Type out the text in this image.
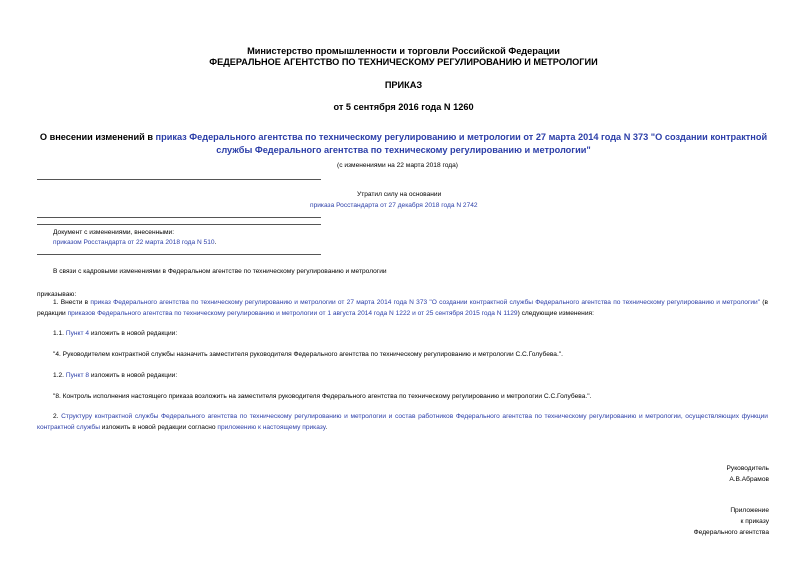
Министерство промышленности и торговли Российской Федерации
ФЕДЕРАЛЬНОЕ АГЕНТСТВО ПО ТЕХНИЧЕСКОМУ РЕГУЛИРОВАНИЮ И МЕТРОЛОГИИ
ПРИКАЗ
от 5 сентября 2016 года N 1260
О внесении изменений в приказ Федерального агентства по техническому регулированию и метрологии от 27 марта 2014 года N 373 "О создании контрактной
службы Федерального агентства по техническому регулированию и метрологии"
(с изменениями на 22 марта 2018 года)
Утратил силу на основании
приказа Росстандарта от 27 декабря 2018 года N 2742
Документ с изменениями, внесенными:
приказом Росстандарта от 22 марта 2018 года N 510.
В связи с кадровыми изменениями в Федеральном агентстве по техническому регулированию и метрологии
приказываю:
1. Внести в приказ Федерального агентства по техническому регулированию и метрологии от 27 марта 2014 года N 373 "О создании контрактной службы Федерального агентства по техническому регулированию и метрологии" (в редакции приказов Федерального агентства по техническому регулированию и метрологии от 1 августа 2014 года N 1222 и от 25 сентября 2015 года N 1129) следующие изменения:
1.1. Пункт 4 изложить в новой редакции:
"4. Руководителем контрактной службы назначить заместителя руководителя Федерального агентства по техническому регулированию и метрологии С.С.Голубева.".
1.2. Пункт 8 изложить в новой редакции:
"8. Контроль исполнения настоящего приказа возложить на заместителя руководителя Федерального агентства по техническому регулированию и метрологии С.С.Голубева.".
2. Структуру контрактной службы Федерального агентства по техническому регулированию и метрологии и состав работников Федерального агентства по техническому регулированию и метрологии, осуществляющих функции контрактной службы изложить в новой редакции согласно приложению к настоящему приказу.
Руководитель
А.В.Абрамов
Приложение
к приказу
Федерального агентства
